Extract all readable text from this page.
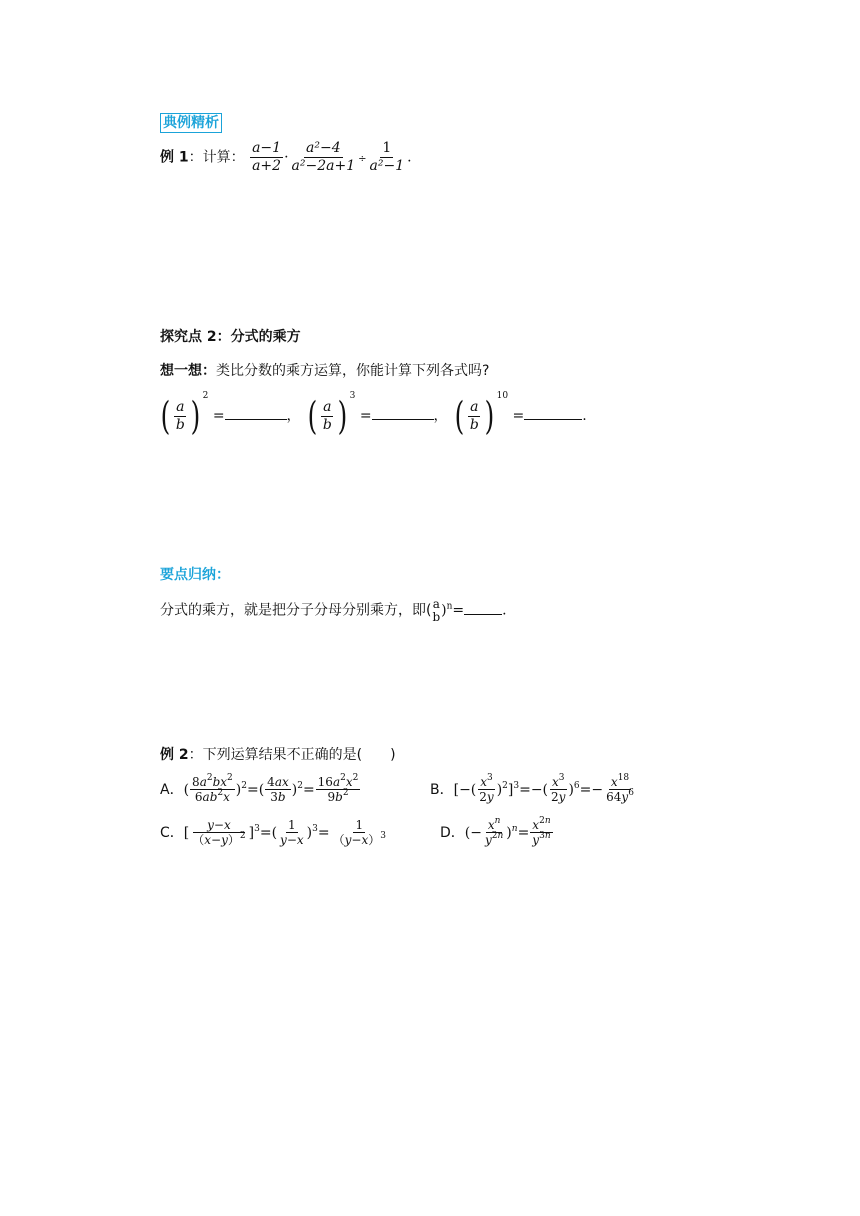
典例精析
例 1：计算： $\frac{a-1}{a+2} \cdot \frac{\text{a²−4}}{\text{a²−2a+1}} \div \frac{1}{\text{a²−1}}$ .
探究点 2：分式的乘方
想一想：类比分数的乘方运算，你能计算下列各式吗?
( $\frac{a}{b}$ ) $^2$ =	， ( $\frac{a}{b}$ ) $^3$ =	， ( $\frac{a}{b}$ ) $^{10}$ =	.
要点归纳：
分式的乘方，就是把分子分母分别乘方，即( a
b )$^n$=	.
例 2：下列运算结果不正确的是(　　)
A．( $\frac{8a^2bx^2}{6ab^2x} )^2=( \frac{4ax}{3b} )^2= \frac{16a^2x^2}{9b^2}$	B．[−( $\frac{x^3}{2y} )^2]^3=-( \frac{x^3}{2y} )^6=- \frac{x^{18}}{64y^6}$
C．[ $\frac{y-x}{(x-y)^2} ]^3=( \frac{1}{y-x} )^3= \frac{1}{(y-x)^3}$	D．(− $\frac{x^n}{y^{2n}} )^n= \frac{x^{2n}}{y^{3n}}$
